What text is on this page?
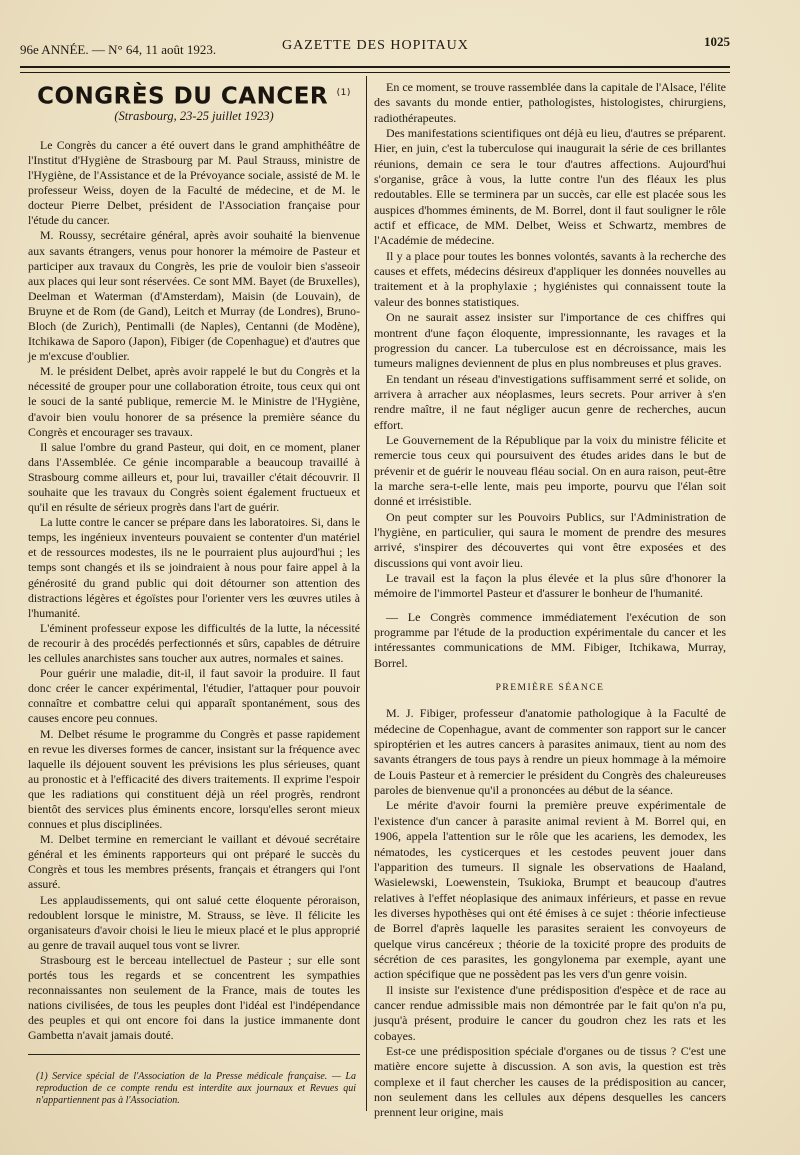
96e ANNÉE. — N° 64, 11 août 1923.	GAZETTE DES HOPITAUX	1025
CONGRÈS DU CANCER $^{(1)}$
(Strasbourg, 23-25 juillet 1923)

Le Congrès du cancer a été ouvert dans le grand amphithéâtre de l'Institut d'Hygiène de Strasbourg par M. Paul Strauss, ministre de l'Hygiène, de l'Assistance et de la Prévoyance sociale, assisté de M. le professeur Weiss, doyen de la Faculté de médecine, et de M. le docteur Pierre Delbet, président de l'Association française pour l'étude du cancer.

M. Roussy, secrétaire général, après avoir souhaité la bienvenue aux savants étrangers, venus pour honorer la mémoire de Pasteur et participer aux travaux du Congrès, les prie de vouloir bien s'asseoir aux places qui leur sont réservées. Ce sont MM. Bayet (de Bruxelles), Deelman et Waterman (d'Amsterdam), Maisin (de Louvain), de Bruyne et de Rom (de Gand), Leitch et Murray (de Londres), Bruno-Bloch (de Zurich), Pentimalli (de Naples), Centanni (de Modène), Itchikawa de Saporo (Japon), Fibiger (de Copenhague) et d'autres que je m'excuse d'oublier.

M. le président Delbet, après avoir rappelé le but du Congrès et la nécessité de grouper pour une collaboration étroite, tous ceux qui ont le souci de la santé publique, remercie M. le Ministre de l'Hygiène, d'avoir bien voulu honorer de sa présence la première séance du Congrès et encourager ses travaux.

Il salue l'ombre du grand Pasteur, qui doit, en ce moment, planer dans l'Assemblée. Ce génie incomparable a beaucoup travaillé à Strasbourg comme ailleurs et, pour lui, travailler c'était découvrir. Il souhaite que les travaux du Congrès soient également fructueux et qu'il en résulte de sérieux progrès dans l'art de guérir.

La lutte contre le cancer se prépare dans les laboratoires. Si, dans le temps, les ingénieux inventeurs pouvaient se contenter d'un matériel et de ressources modestes, ils ne le pourraient plus aujourd'hui ; les temps sont changés et ils se joindraient à nous pour faire appel à la générosité du grand public qui doit détourner son attention des distractions légères et égoïstes pour l'orienter vers les œuvres utiles à l'humanité.

L'éminent professeur expose les difficultés de la lutte, la nécessité de recourir à des procédés perfectionnés et sûrs, capables de détruire les cellules anarchistes sans toucher aux autres, normales et saines.

Pour guérir une maladie, dit-il, il faut savoir la produire. Il faut donc créer le cancer expérimental, l'étudier, l'attaquer pour pouvoir connaître et combattre celui qui apparaît spontanément, sous des causes encore peu connues.

M. Delbet résume le programme du Congrès et passe rapidement en revue les diverses formes de cancer, insistant sur la fréquence avec laquelle ils déjouent souvent les prévisions les plus sérieuses, quant au pronostic et à l'efficacité des divers traitements. Il exprime l'espoir que les radiations qui constituent déjà un réel progrès, rendront bientôt des services plus éminents encore, lorsqu'elles seront mieux connues et plus disciplinées.

M. Delbet termine en remerciant le vaillant et dévoué secrétaire général et les éminents rapporteurs qui ont préparé le succès du Congrès et tous les membres présents, français et étrangers qui l'ont assuré.

Les applaudissements, qui ont salué cette éloquente péroraison, redoublent lorsque le ministre, M. Strauss, se lève. Il félicite les organisateurs d'avoir choisi le lieu le mieux placé et le plus approprié au genre de travail auquel tous vont se livrer.

Strasbourg est le berceau intellectuel de Pasteur ; sur elle sont portés tous les regards et se concentrent les sympathies reconnaissantes non seulement de la France, mais de toutes les nations civilisées, de tous les peuples dont l'idéal est l'indépendance des peuples et qui ont encore foi dans la justice immanente dont Gambetta n'avait jamais douté.

(1) Service spécial de l'Association de la Presse médicale française. — La reproduction de ce compte rendu est interdite aux journaux et Revues qui n'appartiennent pas à l'Association.

En ce moment, se trouve rassemblée dans la capitale de l'Alsace, l'élite des savants du monde entier, pathologistes, histologistes, chirurgiens, radiothérapeutes.

Des manifestations scientifiques ont déjà eu lieu, d'autres se préparent. Hier, en juin, c'est la tuberculose qui inaugurait la série de ces brillantes réunions, demain ce sera le tour d'autres affections. Aujourd'hui s'organise, grâce à vous, la lutte contre l'un des fléaux les plus redoutables. Elle se terminera par un succès, car elle est placée sous les auspices d'hommes éminents, de M. Borrel, dont il faut souligner le rôle actif et efficace, de MM. Delbet, Weiss et Schwartz, membres de l'Académie de médecine.

Il y a place pour toutes les bonnes volontés, savants à la recherche des causes et effets, médecins désireux d'appliquer les données nouvelles au traitement et à la prophylaxie ; hygiénistes qui connaissent toute la valeur des bonnes statistiques.

On ne saurait assez insister sur l'importance de ces chiffres qui montrent d'une façon éloquente, impressionnante, les ravages et la progression du cancer. La tuberculose est en décroissance, mais les tumeurs malignes deviennent de plus en plus nombreuses et plus graves.

En tendant un réseau d'investigations suffisamment serré et solide, on arrivera à arracher aux néoplasmes, leurs secrets. Pour arriver à s'en rendre maître, il ne faut négliger aucun genre de recherches, aucun effort.

Le Gouvernement de la République par la voix du ministre félicite et remercie tous ceux qui poursuivent des études arides dans le but de prévenir et de guérir le nouveau fléau social. On en aura raison, peut-être la marche sera-t-elle lente, mais peu importe, pourvu que l'élan soit donné et irrésistible.

On peut compter sur les Pouvoirs Publics, sur l'Administration de l'hygiène, en particulier, qui saura le moment de prendre des mesures arrivé, s'inspirer des découvertes qui vont être exposées et des discussions qui vont avoir lieu.

Le travail est la façon la plus élevée et la plus sûre d'honorer la mémoire de l'immortel Pasteur et d'assurer le bonheur de l'humanité.

— Le Congrès commence immédiatement l'exécution de son programme par l'étude de la production expérimentale du cancer et les intéressantes communications de MM. Fibiger, Itchikawa, Murray, Borrel.

PREMIÈRE SÉANCE

M. J. Fibiger, professeur d'anatomie pathologique à la Faculté de médecine de Copenhague, avant de commenter son rapport sur le cancer spiroptérien et les autres cancers à parasites animaux, tient au nom des savants étrangers de tous pays à rendre un pieux hommage à la mémoire de Louis Pasteur et à remercier le président du Congrès des chaleureuses paroles de bienvenue qu'il a prononcées au début de la séance.

Le mérite d'avoir fourni la première preuve expérimentale de l'existence d'un cancer à parasite animal revient à M. Borrel qui, en 1906, appela l'attention sur le rôle que les acariens, les demodex, les nématodes, les cysticerques et les cestodes peuvent jouer dans l'apparition des tumeurs. Il signale les observations de Haaland, Wasielewski, Loewenstein, Tsukioka, Brumpt et beaucoup d'autres relatives à l'effet néoplasique des animaux inférieurs, et passe en revue les diverses hypothèses qui ont été émises à ce sujet : théorie infectieuse de Borrel d'après laquelle les parasites seraient les convoyeurs de quelque virus cancéreux ; théorie de la toxicité propre des produits de sécrétion de ces parasites, les gongylonema par exemple, ayant une action spécifique que ne possèdent pas les vers d'un genre voisin.

Il insiste sur l'existence d'une prédisposition d'espèce et de race au cancer rendue admissible mais non démontrée par le fait qu'on n'a pu, jusqu'à présent, produire le cancer du goudron chez les rats et les cobayes.

Est-ce une prédisposition spéciale d'organes ou de tissus ? C'est une matière encore sujette à discussion. A son avis, la question est très complexe et il faut chercher les causes de la prédisposition au cancer, non seulement dans les cellules aux dépens desquelles les cancers prennent leur origine, mais
